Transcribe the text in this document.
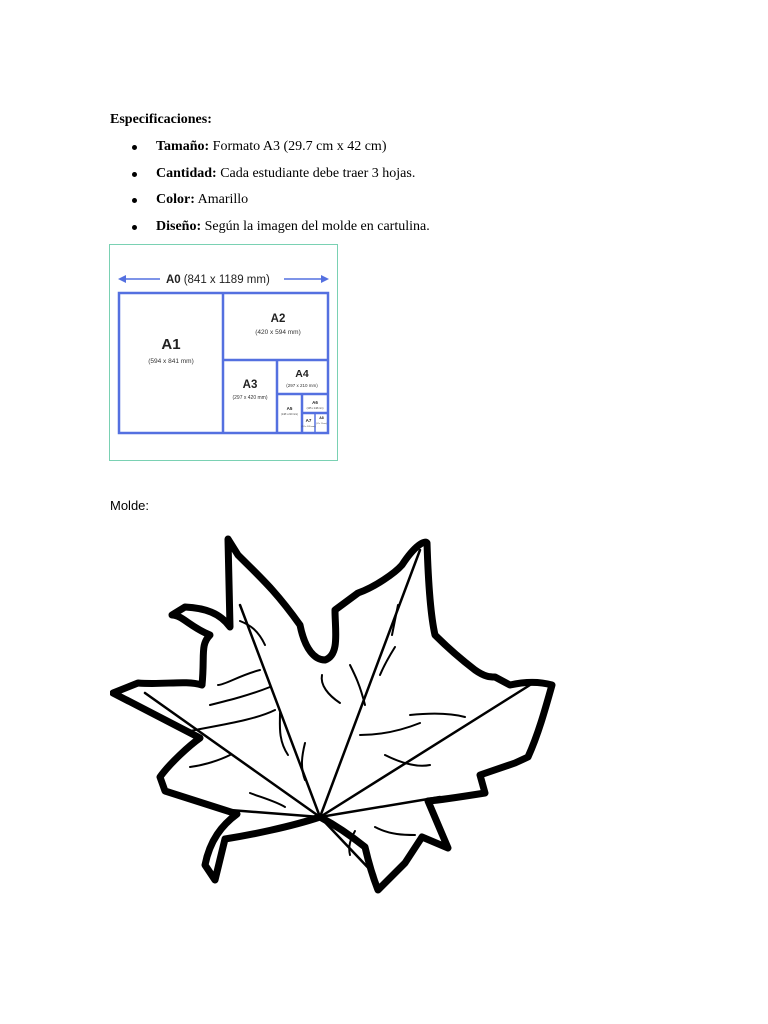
Especificaciones:
Tamaño: Formato A3 (29.7 cm x 42 cm)
Cantidad: Cada estudiante debe traer 3 hojas.
Color: Amarillo
Diseño: Según la imagen del molde en cartulina.
A0 (841 x 1189 mm)
A1
(594 x 841 mm)
A2
(420 x 594 mm)
A3
(297 x 420 mm)
A4
(297 x 210 mm)
A5
(148 x 210 mm)
A6
(105 x 148 mm)
A7
(74 x 105 mm)
A8
(52 x 74 mm)
Molde:
